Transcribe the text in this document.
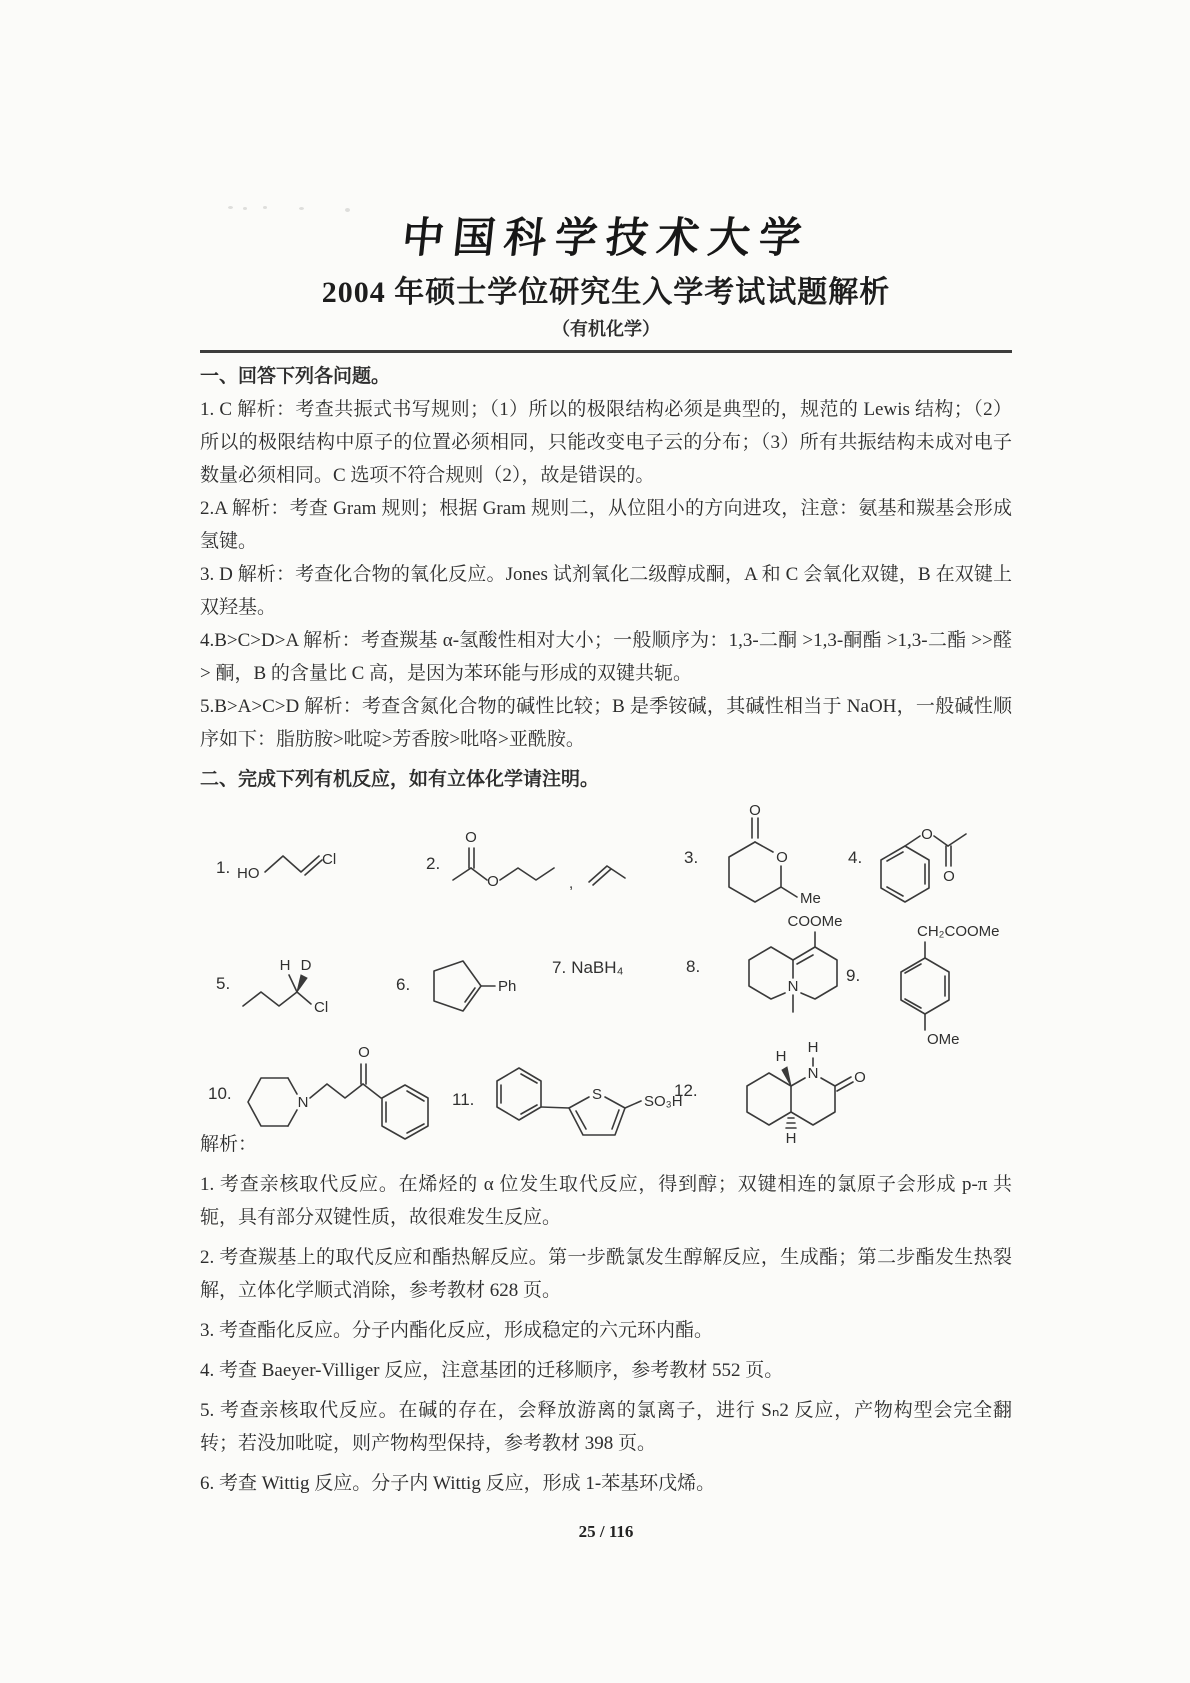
中国科学技术大学
2004 年硕士学位研究生入学考试试题解析
（有机化学）

一、回答下列各问题。

1. C 解析：考查共振式书写规则；（1）所以的极限结构必须是典型的，规范的 Lewis 结构；（2）所以的极限结构中原子的位置必须相同，只能改变电子云的分布；（3）所有共振结构未成对电子数量必须相同。C 选项不符合规则（2），故是错误的。

2.A 解析：考查 Gram 规则；根据 Gram 规则二，从位阻小的方向进攻，注意：氨基和羰基会形成氢键。

3. D 解析：考查化合物的氧化反应。Jones 试剂氧化二级醇成酮，A 和 C 会氧化双键，B 在双键上双羟基。

4.B>C>D>A 解析：考查羰基 α-氢酸性相对大小；一般顺序为：1,3-二酮 >1,3-酮酯 >1,3-二酯 >>醛 > 酮，B 的含量比 C 高，是因为苯环能与形成的双键共轭。

5.B>A>C>D 解析：考查含氮化合物的碱性比较；B 是季铵碱，其碱性相当于 NaOH，一般碱性顺序如下：脂肪胺>吡啶>芳香胺>吡咯>亚酰胺。

二、完成下列有机反应，如有立体化学请注明。

1. HO
Cl	2.
O
O	,
3.
O
O
Me
4.
O
O
5.
H D
Cl
6.	Ph
7. NaBH₄	8.
N
COOMe
9.
CH₂COOMe
OMe
10.	N
O
11.	S	SO₃H
12.
N
H
O
H
H

解析：

1. 考查亲核取代反应。在烯烃的 α 位发生取代反应，得到醇；双键相连的氯原子会形成 p-π 共轭，具有部分双键性质，故很难发生反应。

2. 考查羰基上的取代反应和酯热解反应。第一步酰氯发生醇解反应，生成酯；第二步酯发生热裂解，立体化学顺式消除，参考教材 628 页。

3. 考查酯化反应。分子内酯化反应，形成稳定的六元环内酯。

4. 考查 Baeyer-Villiger 反应，注意基团的迁移顺序，参考教材 552 页。

5. 考查亲核取代反应。在碱的存在，会释放游离的氯离子，进行 Sₙ2 反应，产物构型会完全翻转；若没加吡啶，则产物构型保持，参考教材 398 页。

6. 考查 Wittig 反应。分子内 Wittig 反应，形成 1-苯基环戊烯。

25 / 116
